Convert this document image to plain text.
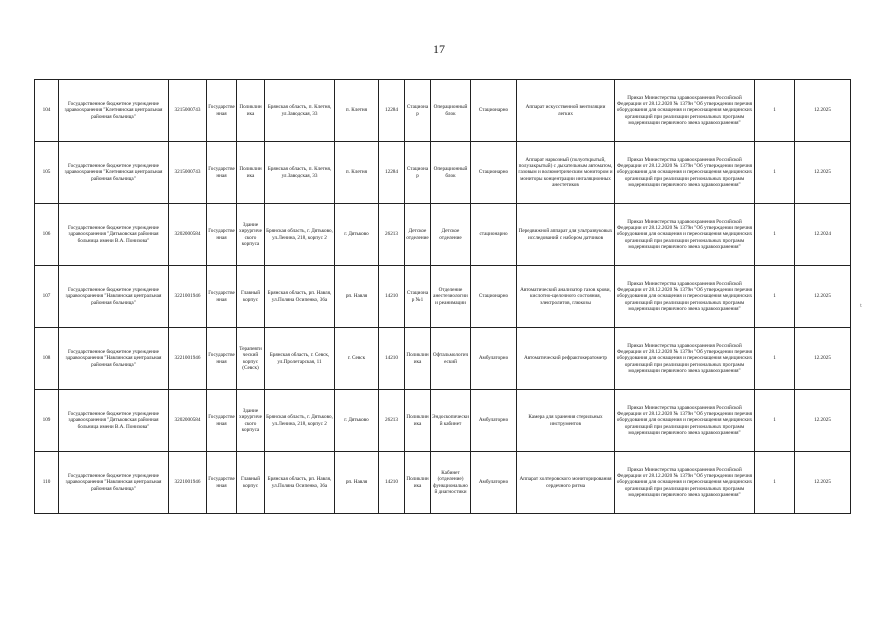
17
104	Государственное бюджетное учреждение здравоохранения "Клетнянская центральная районная больница"	3215000743	Государственная	Поликлиника	Брянская область, п. Клетня, ул.Заводская, 33	п. Клетня	12284	Стационар	Операционный блок	Стационарно	Аппарат искусственной вентиляции легких	Приказ Министерства здравоохранения Российской Федерации от 28.12.2020 № 1379н "Об утверждении перечня оборудования для оснащения и переоснащения медицинских организаций при реализации региональных программ модернизации первичного звена здравоохранения"	1	12.2025
105	Государственное бюджетное учреждение здравоохранения "Клетнянская центральная районная больница"	3215000743	Государственная	Поликлиника	Брянская область, п. Клетня, ул.Заводская, 33	п. Клетня	12284	Стационар	Операционный блок	Стационарно	Аппарат наркозный (полуоткрытый, полузакрытый) с дыхательным автоматом, газовым и волюметрическим монитором и мониторы концентрации ингаляционных анестетиков	Приказ Министерства здравоохранения Российской Федерации от 28.12.2020 № 1379н "Об утверждении перечня оборудования для оснащения и переоснащения медицинских организаций при реализации региональных программ модернизации первичного звена здравоохранения"	1	12.2025
106	Государственное бюджетное учреждение здравоохранения "Дятьковская районная больница имени В.А. Понизова"	3202000584	Государственная	Здание хирургического корпуса	Брянская область, г. Дятьково, ул.Ленина, 218, корпус 2	г. Дятьково	26213	Детское отделение	Детское отделение	стационарно	Передвижной аппарат для ультразвуковых исследований с набором датчиков	Приказ Министерства здравоохранения Российской Федерации от 28.12.2020 № 1379н "Об утверждении перечня оборудования для оснащения и переоснащения медицинских организаций при реализации региональных программ модернизации первичного звена здравоохранения"	1	12.2024
107	Государственное бюджетное учреждение здравоохранения "Навлинская центральная районная больница"	3221001946	Государственная	Главный корпус	Брянская область, рп. Навля, ул.Поляна Осипенко, 36а	рп. Навля	14210	Стационар №1	Отделение анестезиологии и реанимации	Стационарно	Автоматический анализатор газов крови, кислотно-щелочного состояния, электролитов, глюкозы	Приказ Министерства здравоохранения Российской Федерации от 28.12.2020 № 1379н "Об утверждении перечня оборудования для оснащения и переоснащения медицинских организаций при реализации региональных программ модернизации первичного звена здравоохранения"	1	12.2025
108	Государственное бюджетное учреждение здравоохранения "Навлинская центральная районная больница"	3221001946	Государственная	Терапевтический корпус (Севск)	Брянская область, г. Севск, ул.Пролетарская, 11	г. Севск	14210	Поликлиника	Офтальмологический	Амбулаторно	Автоматический рефрактокератометр	Приказ Министерства здравоохранения Российской Федерации от 28.12.2020 № 1379н "Об утверждении перечня оборудования для оснащения и переоснащения медицинских организаций при реализации региональных программ модернизации первичного звена здравоохранения"	1	12.2025
109	Государственное бюджетное учреждение здравоохранения "Дятьковская районная больница имени В.А. Понизова"	3202000584	Государственная	Здание хирургического корпуса	Брянская область, г. Дятьково, ул.Ленина, 218, корпус 2	г. Дятьково	26213	Поликлиника	Эндоскопический кабинет	Амбулаторно	Камера для хранения стерильных инструментов	Приказ Министерства здравоохранения Российской Федерации от 28.12.2020 № 1379н "Об утверждении перечня оборудования для оснащения и переоснащения медицинских организаций при реализации региональных программ модернизации первичного звена здравоохранения"	1	12.2025
110	Государственное бюджетное учреждение здравоохранения "Навлинская центральная районная больница"	3221001946	Государственная	Главный корпус	Брянская область, рп. Навля, ул.Поляна Осипенко, 36а	рп. Навля	14210	Поликлиника	Кабинет (отделение) функциональной диагностики	Амбулаторно	Аппарат холтеровского мониторирования сердечного ритма	Приказ Министерства здравоохранения Российской Федерации от 28.12.2020 № 1379н "Об утверждении перечня оборудования для оснащения и переоснащения медицинских организаций при реализации региональных программ модернизации первичного звена здравоохранения"	1	12.2025
ₜ
